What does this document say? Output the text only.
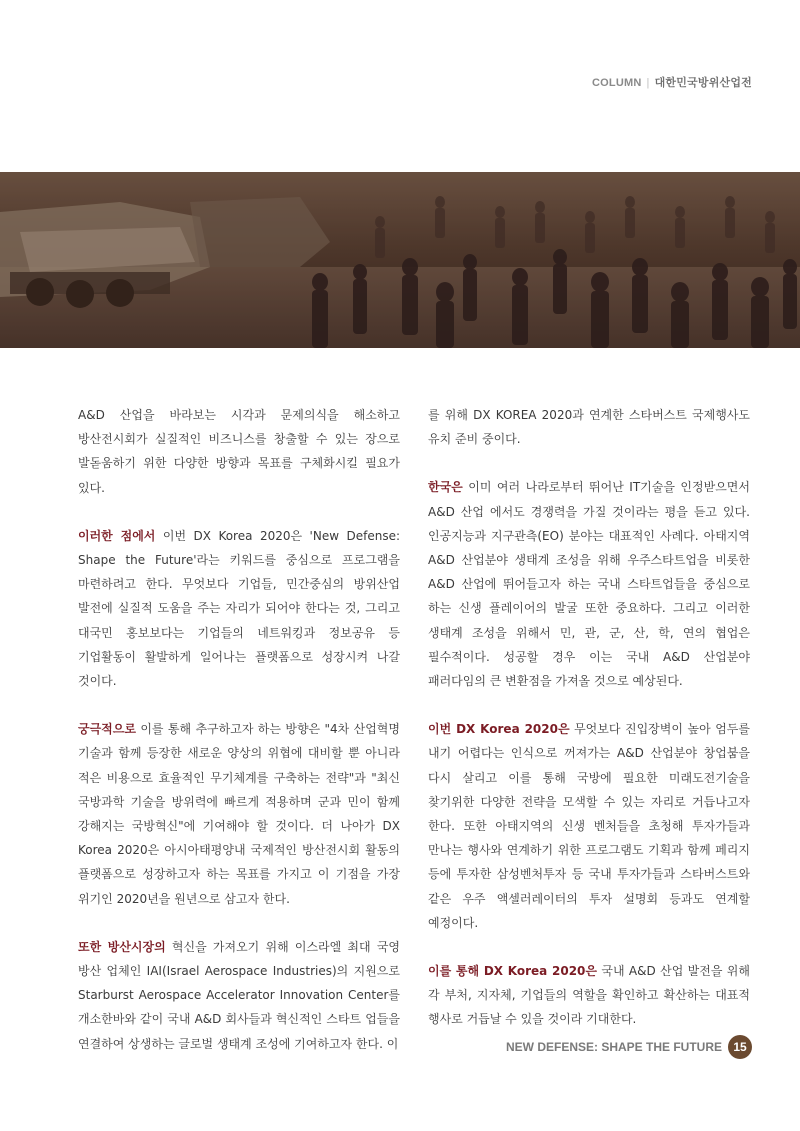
COLUMN | 대한민국방위산업전

A&D 산업을 바라보는 시각과 문제의식을 해소하고 방산전시회가 실질적인 비즈니스를 창출할 수 있는 장으로 발돋움하기 위한 다양한 방향과 목표를 구체화시킬 필요가 있다.

이러한 점에서 이번 DX Korea 2020은 'New Defense: Shape the Future'라는 키워드를 중심으로 프로그램을 마련하려고 한다. 무엇보다 기업들, 민간중심의 방위산업 발전에 실질적 도움을 주는 자리가 되어야 한다는 것, 그리고 대국민 홍보보다는 기업들의 네트워킹과 정보공유 등 기업활동이 활발하게 일어나는 플랫폼으로 성장시켜 나갈 것이다.

궁극적으로 이를 통해 추구하고자 하는 방향은 "4차 산업혁명 기술과 함께 등장한 새로운 양상의 위협에 대비할 뿐 아니라 적은 비용으로 효율적인 무기체계를 구축하는 전략"과 "최신 국방과학 기술을 방위력에 빠르게 적용하며 군과 민이 함께 강해지는 국방혁신"에 기여해야 할 것이다. 더 나아가 DX Korea 2020은 아시아태평양내 국제적인 방산전시회 활동의 플랫폼으로 성장하고자 하는 목표를 가지고 이 기점을 가장 위기인 2020년을 원년으로 삼고자 한다.

또한 방산시장의 혁신을 가져오기 위해 이스라엘 최대 국영 방산 업체인 IAI(Israel Aerospace Industries)의 지원으로 Starburst Aerospace Accelerator Innovation Center를 개소한바와 같이 국내 A&D 회사들과 혁신적인 스타트 업들을 연결하여 상생하는 글로벌 생태계 조성에 기여하고자 한다. 이

를 위해 DX KOREA 2020과 연계한 스타버스트 국제행사도 유치 준비 중이다.

한국은 이미 여러 나라로부터 뛰어난 IT기술을 인정받으면서 A&D 산업 에서도 경쟁력을 가질 것이라는 평을 듣고 있다. 인공지능과 지구관측(EO) 분야는 대표적인 사례다. 아태지역 A&D 산업분야 생태계 조성을 위해 우주스타트업을 비롯한 A&D 산업에 뛰어들고자 하는 국내 스타트업들을 중심으로 하는 신생 플레이어의 발굴 또한 중요하다. 그리고 이러한 생태계 조성을 위해서 민, 관, 군, 산, 학, 연의 협업은 필수적이다. 성공할 경우 이는 국내 A&D 산업분야 패러다임의 큰 변환점을 가져올 것으로 예상된다.

이번 DX Korea 2020은 무엇보다 진입장벽이 높아 엄두를 내기 어렵다는 인식으로 꺼져가는 A&D 산업분야 창업붐을 다시 살리고 이를 통해 국방에 필요한 미래도전기술을 찾기위한 다양한 전략을 모색할 수 있는 자리로 거듭나고자 한다. 또한 아태지역의 신생 벤처들을 초청해 투자가들과 만나는 행사와 연계하기 위한 프로그램도 기획과 함께 페리지 등에 투자한 삼성벤처투자 등 국내 투자가들과 스타버스트와 같은 우주 액셀러레이터의 투자 설명회 등과도 연계할 예정이다.

이를 통해 DX Korea 2020은 국내 A&D 산업 발전을 위해 각 부처, 지자체, 기업들의 역할을 확인하고 확산하는 대표적 행사로 거듭날 수 있을 것이라 기대한다.

NEW DEFENSE: SHAPE THE FUTURE 15
